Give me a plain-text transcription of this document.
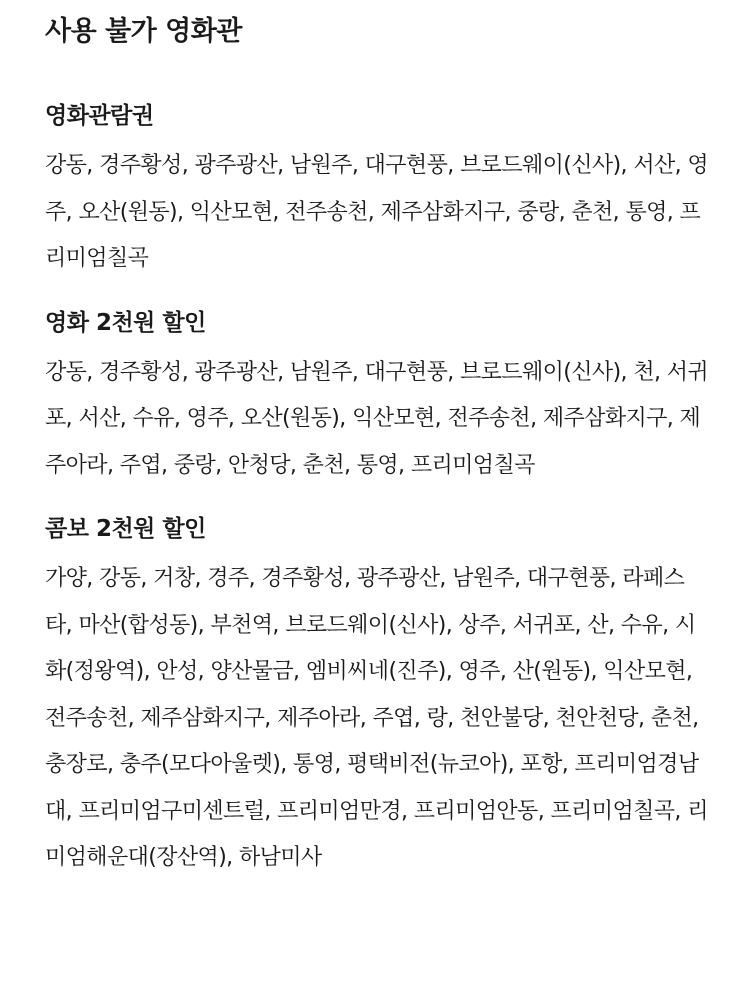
사용 불가 영화관
영화관람권

강동, 경주황성, 광주광산, 남원주, 대구현풍, 브로드웨이(신사), 서산, 영주, 오산(원동), 익산모현, 전주송천, 제주삼화지구, 중랑, 춘천, 통영, 프리미엄칠곡

영화 2천원 할인

강동, 경주황성, 광주광산, 남원주, 대구현풍, 브로드웨이(신사), 천, 서귀포, 서산, 수유, 영주, 오산(원동), 익산모현, 전주송천, 제주삼화지구, 제주아라, 주엽, 중랑, 안청당, 춘천, 통영, 프리미엄칠곡

콤보 2천원 할인

가양, 강동, 거창, 경주, 경주황성, 광주광산, 남원주, 대구현풍, 라페스타, 마산(합성동), 부천역, 브로드웨이(신사), 상주, 서귀포, 산, 수유, 시화(정왕역), 안성, 양산물금, 엠비씨네(진주), 영주, 산(원동), 익산모현, 전주송천, 제주삼화지구, 제주아라, 주엽, 랑, 천안불당, 천안천당, 춘천, 충장로, 충주(모다아울렛), 통영, 평택비전(뉴코아), 포항, 프리미엄경남대, 프리미엄구미센트럴, 프리미엄만경, 프리미엄안동, 프리미엄칠곡, 리미엄해운대(장산역), 하남미사
